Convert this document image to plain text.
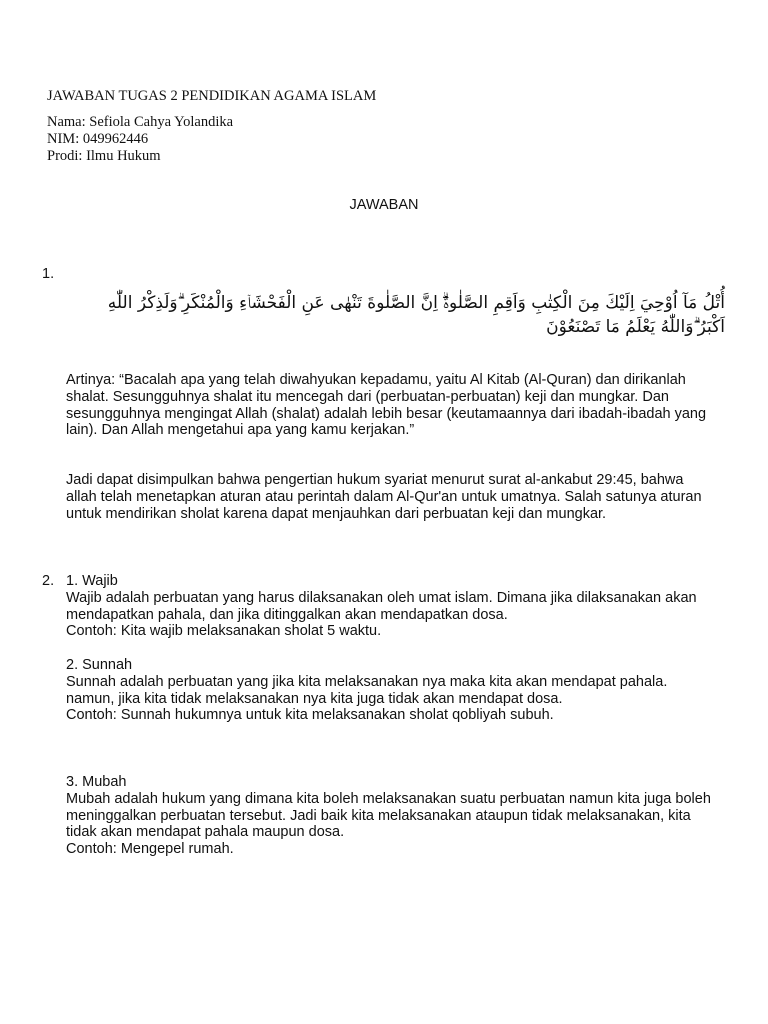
JAWABAN TUGAS 2 PENDIDIKAN AGAMA ISLAM
Nama: Sefiola Cahya Yolandika
NIM: 049962446
Prodi: Ilmu Hukum
JAWABAN
1.
أُتْلُ مَآ اُوْحِيَ اِلَيْكَ مِنَ الْكِتٰبِ وَاَقِمِ الصَّلٰوةَۗ اِنَّ الصَّلٰوةَ تَنْهٰى عَنِ الْفَحْشَاۤءِ وَالْمُنْكَرِ ۗوَلَذِكْرُ اللّٰهِ اَكْبَرُ ۗوَاللّٰهُ يَعْلَمُ مَا تَصْنَعُوْنَ

Artinya: “Bacalah apa yang telah diwahyukan kepadamu, yaitu Al Kitab (Al-Quran) dan dirikanlah shalat. Sesungguhnya shalat itu mencegah dari (perbuatan-perbuatan) keji dan mungkar. Dan sesungguhnya mengingat Allah (shalat) adalah lebih besar (keutamaannya dari ibadah-ibadah yang lain). Dan Allah mengetahui apa yang kamu kerjakan.”

Jadi dapat disimpulkan bahwa pengertian hukum syariat menurut surat al-ankabut 29:45, bahwa allah telah menetapkan aturan atau perintah dalam Al-Qur'an untuk umatnya. Salah satunya aturan untuk mendirikan sholat karena dapat menjauhkan dari perbuatan keji dan mungkar.

2. 1. Wajib

Wajib adalah perbuatan yang harus dilaksanakan oleh umat islam. Dimana jika dilaksanakan akan mendapatkan pahala, dan jika ditinggalkan akan mendapatkan dosa.

Contoh: Kita wajib melaksanakan sholat 5 waktu.

2. Sunnah

Sunnah adalah perbuatan yang jika kita melaksanakan nya maka kita akan mendapat pahala. namun, jika kita tidak melaksanakan nya kita juga tidak akan mendapat dosa.

Contoh: Sunnah hukumnya untuk kita melaksanakan sholat qobliyah subuh.

3. Mubah

Mubah adalah hukum yang dimana kita boleh melaksanakan suatu perbuatan namun kita juga boleh meninggalkan perbuatan tersebut. Jadi baik kita melaksanakan ataupun tidak melaksanakan, kita tidak akan mendapat pahala maupun dosa.

Contoh: Mengepel rumah.
